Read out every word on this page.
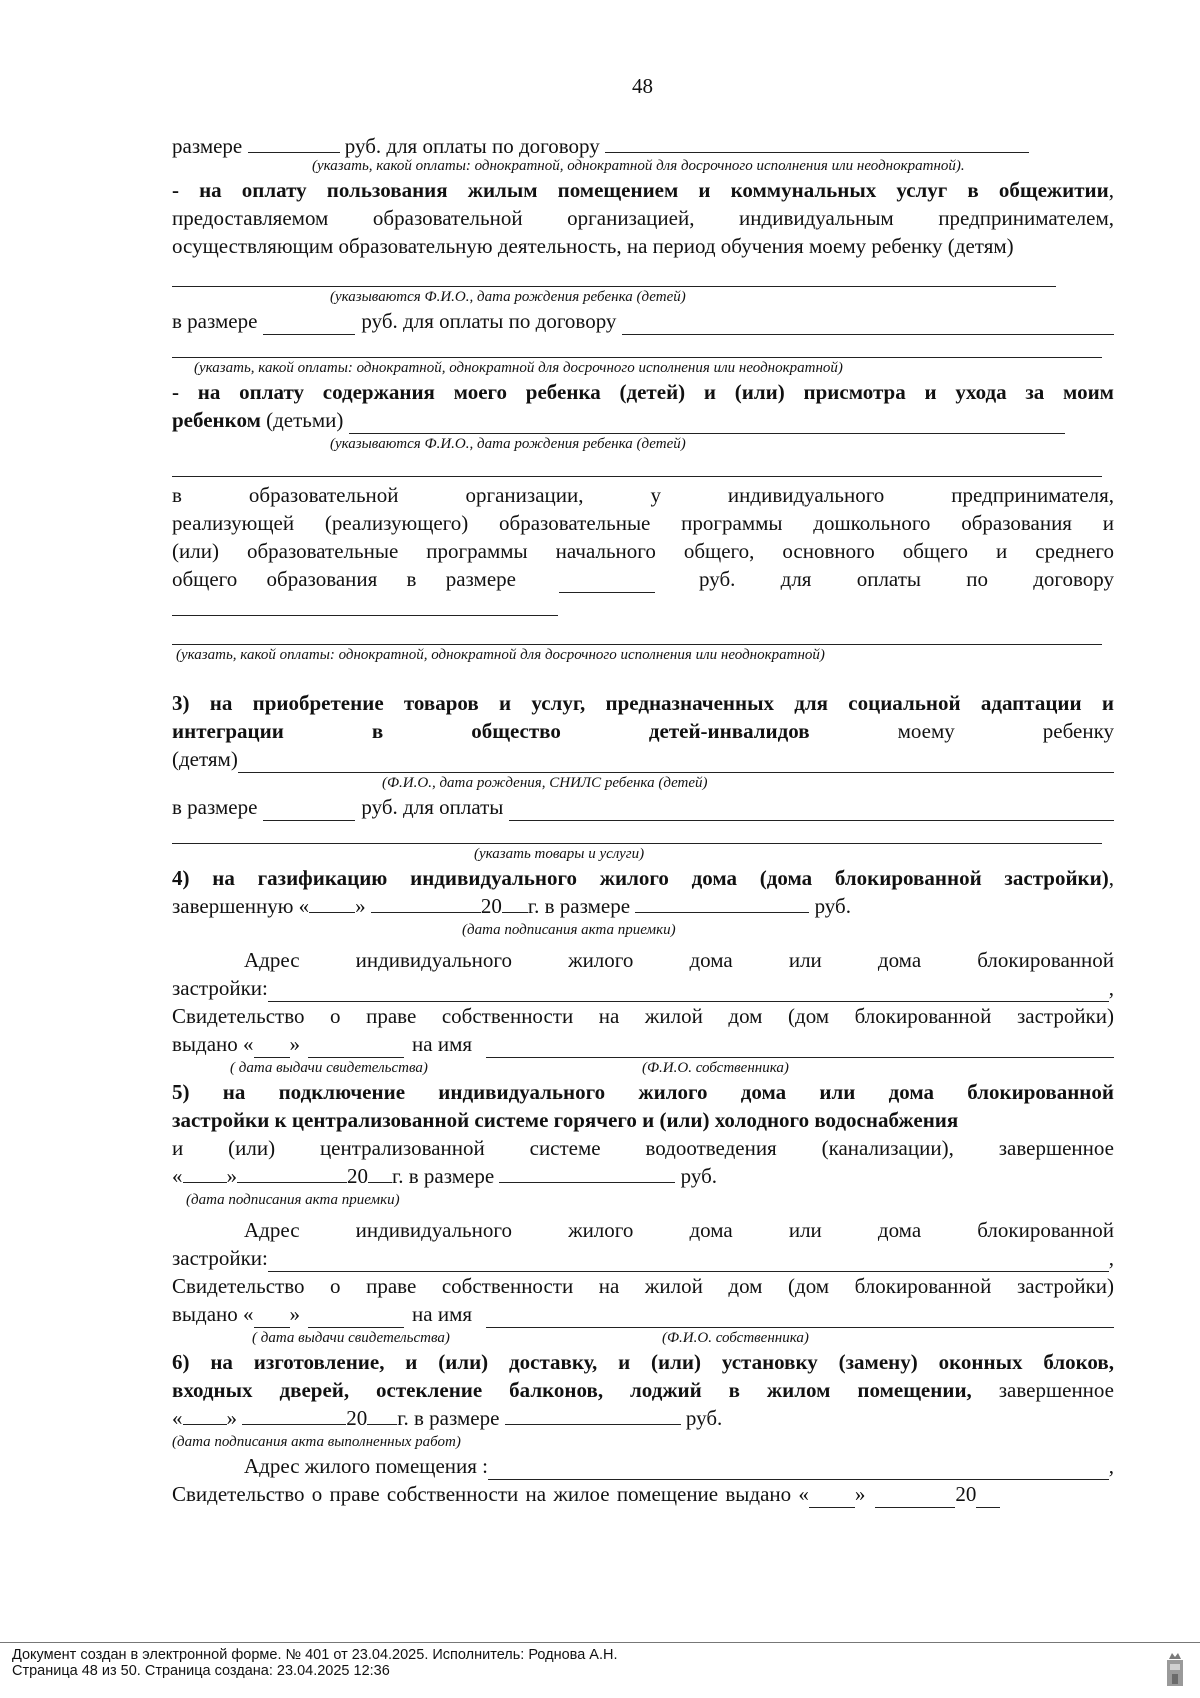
48
размере	руб. для оплаты по договору
(указать, какой оплаты: однократной, однократной для досрочного исполнения или неоднократной).
- на оплату пользования жилым помещением и коммунальных услуг в общежитии, предоставляемом образовательной организацией, индивидуальным предпринимателем, осуществляющим образовательную деятельность, на период обучения моему ребенку (детям)
(указываются Ф.И.О., дата рождения ребенка (детей)
в размере	руб. для оплаты по договору
(указать, какой оплаты: однократной, однократной для досрочного исполнения или неоднократной)
- на оплату содержания моего ребенка (детей) и (или) присмотра и ухода за моим
ребенком (детьми)
(указываются Ф.И.О., дата рождения ребенка (детей)
в образовательной организации, у индивидуального предпринимателя,
реализующей (реализующего) образовательные программы дошкольного образования и
(или) образовательные программы начального общего, основного общего и среднего
общего образования в размере	руб. для оплаты по договору
(указать, какой оплаты: однократной, однократной для досрочного исполнения или неоднократной)
3) на приобретение товаров и услуг, предназначенных для социальной адаптации и
интеграции в общество детей-инвалидов моему ребенку
(детям)
(Ф.И.О., дата рождения, СНИЛС ребенка (детей)
в размере	руб. для оплаты
(указать товары и услуги)
4) на газификацию индивидуального жилого дома (дома блокированной застройки),
завершенную « »	20 г. в размере	руб.
(дата подписания акта приемки)
Адрес индивидуального жилого дома или дома блокированной
застройки:	,
Свидетельство о праве собственности на жилой дом (дом блокированной застройки)
выдано « »	на имя
( дата выдачи свидетельства)	(Ф.И.О. собственника)
5) на подключение индивидуального жилого дома или дома блокированной
застройки к централизованной системе горячего и (или) холодного водоснабжения
и (или) централизованной системе водоотведения (канализации), завершенное
« »	20 г. в размере	руб.
(дата подписания акта приемки)
Адрес индивидуального жилого дома или дома блокированной
застройки:	,
Свидетельство о праве собственности на жилой дом (дом блокированной застройки)
выдано « »	на имя
( дата выдачи свидетельства)	(Ф.И.О. собственника)
6) на изготовление, и (или) доставку, и (или) установку (замену) оконных блоков,
входных дверей, остекление балконов, лоджий в жилом помещении, завершенное
« »	20 г. в размере	руб.
(дата подписания акта выполненных работ)
Адрес жилого помещения :	,
Свидетельство о праве собственности на жилое помещение выдано « »	20
Документ создан в электронной форме. № 401 от 23.04.2025. Исполнитель: Роднова А.Н.
Страница 48 из 50. Страница создана: 23.04.2025 12:36
